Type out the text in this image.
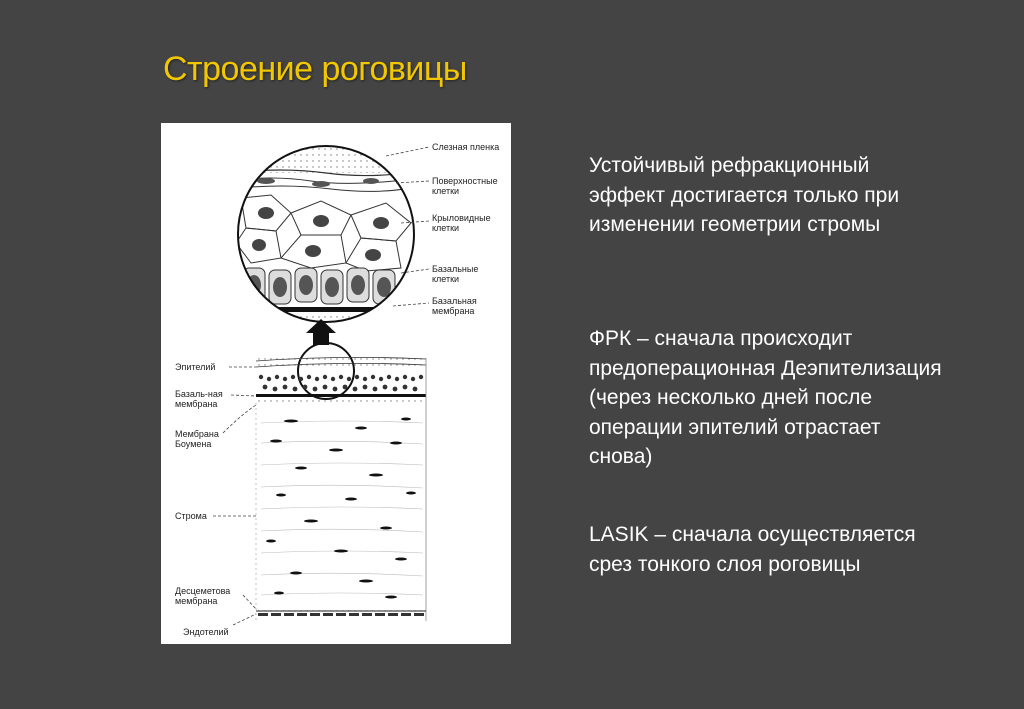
Строение роговицы
Слезная пленка
Поверхностные
клетки
Крыловидные
клетки
Базальные
клетки
Базальная
мембрана
Эпителий
Базаль-ная
мембрана
Мембрана
Боумена
Строма
Десцеметова
мембрана
Эндотелий
Устойчивый рефракционный эффект достигается только при изменении геометрии стромы
ФРК – сначала происходит предоперационная Деэпителизация (через несколько дней после операции эпителий отрастает снова)
LASIK – сначала осуществляется срез тонкого слоя роговицы
